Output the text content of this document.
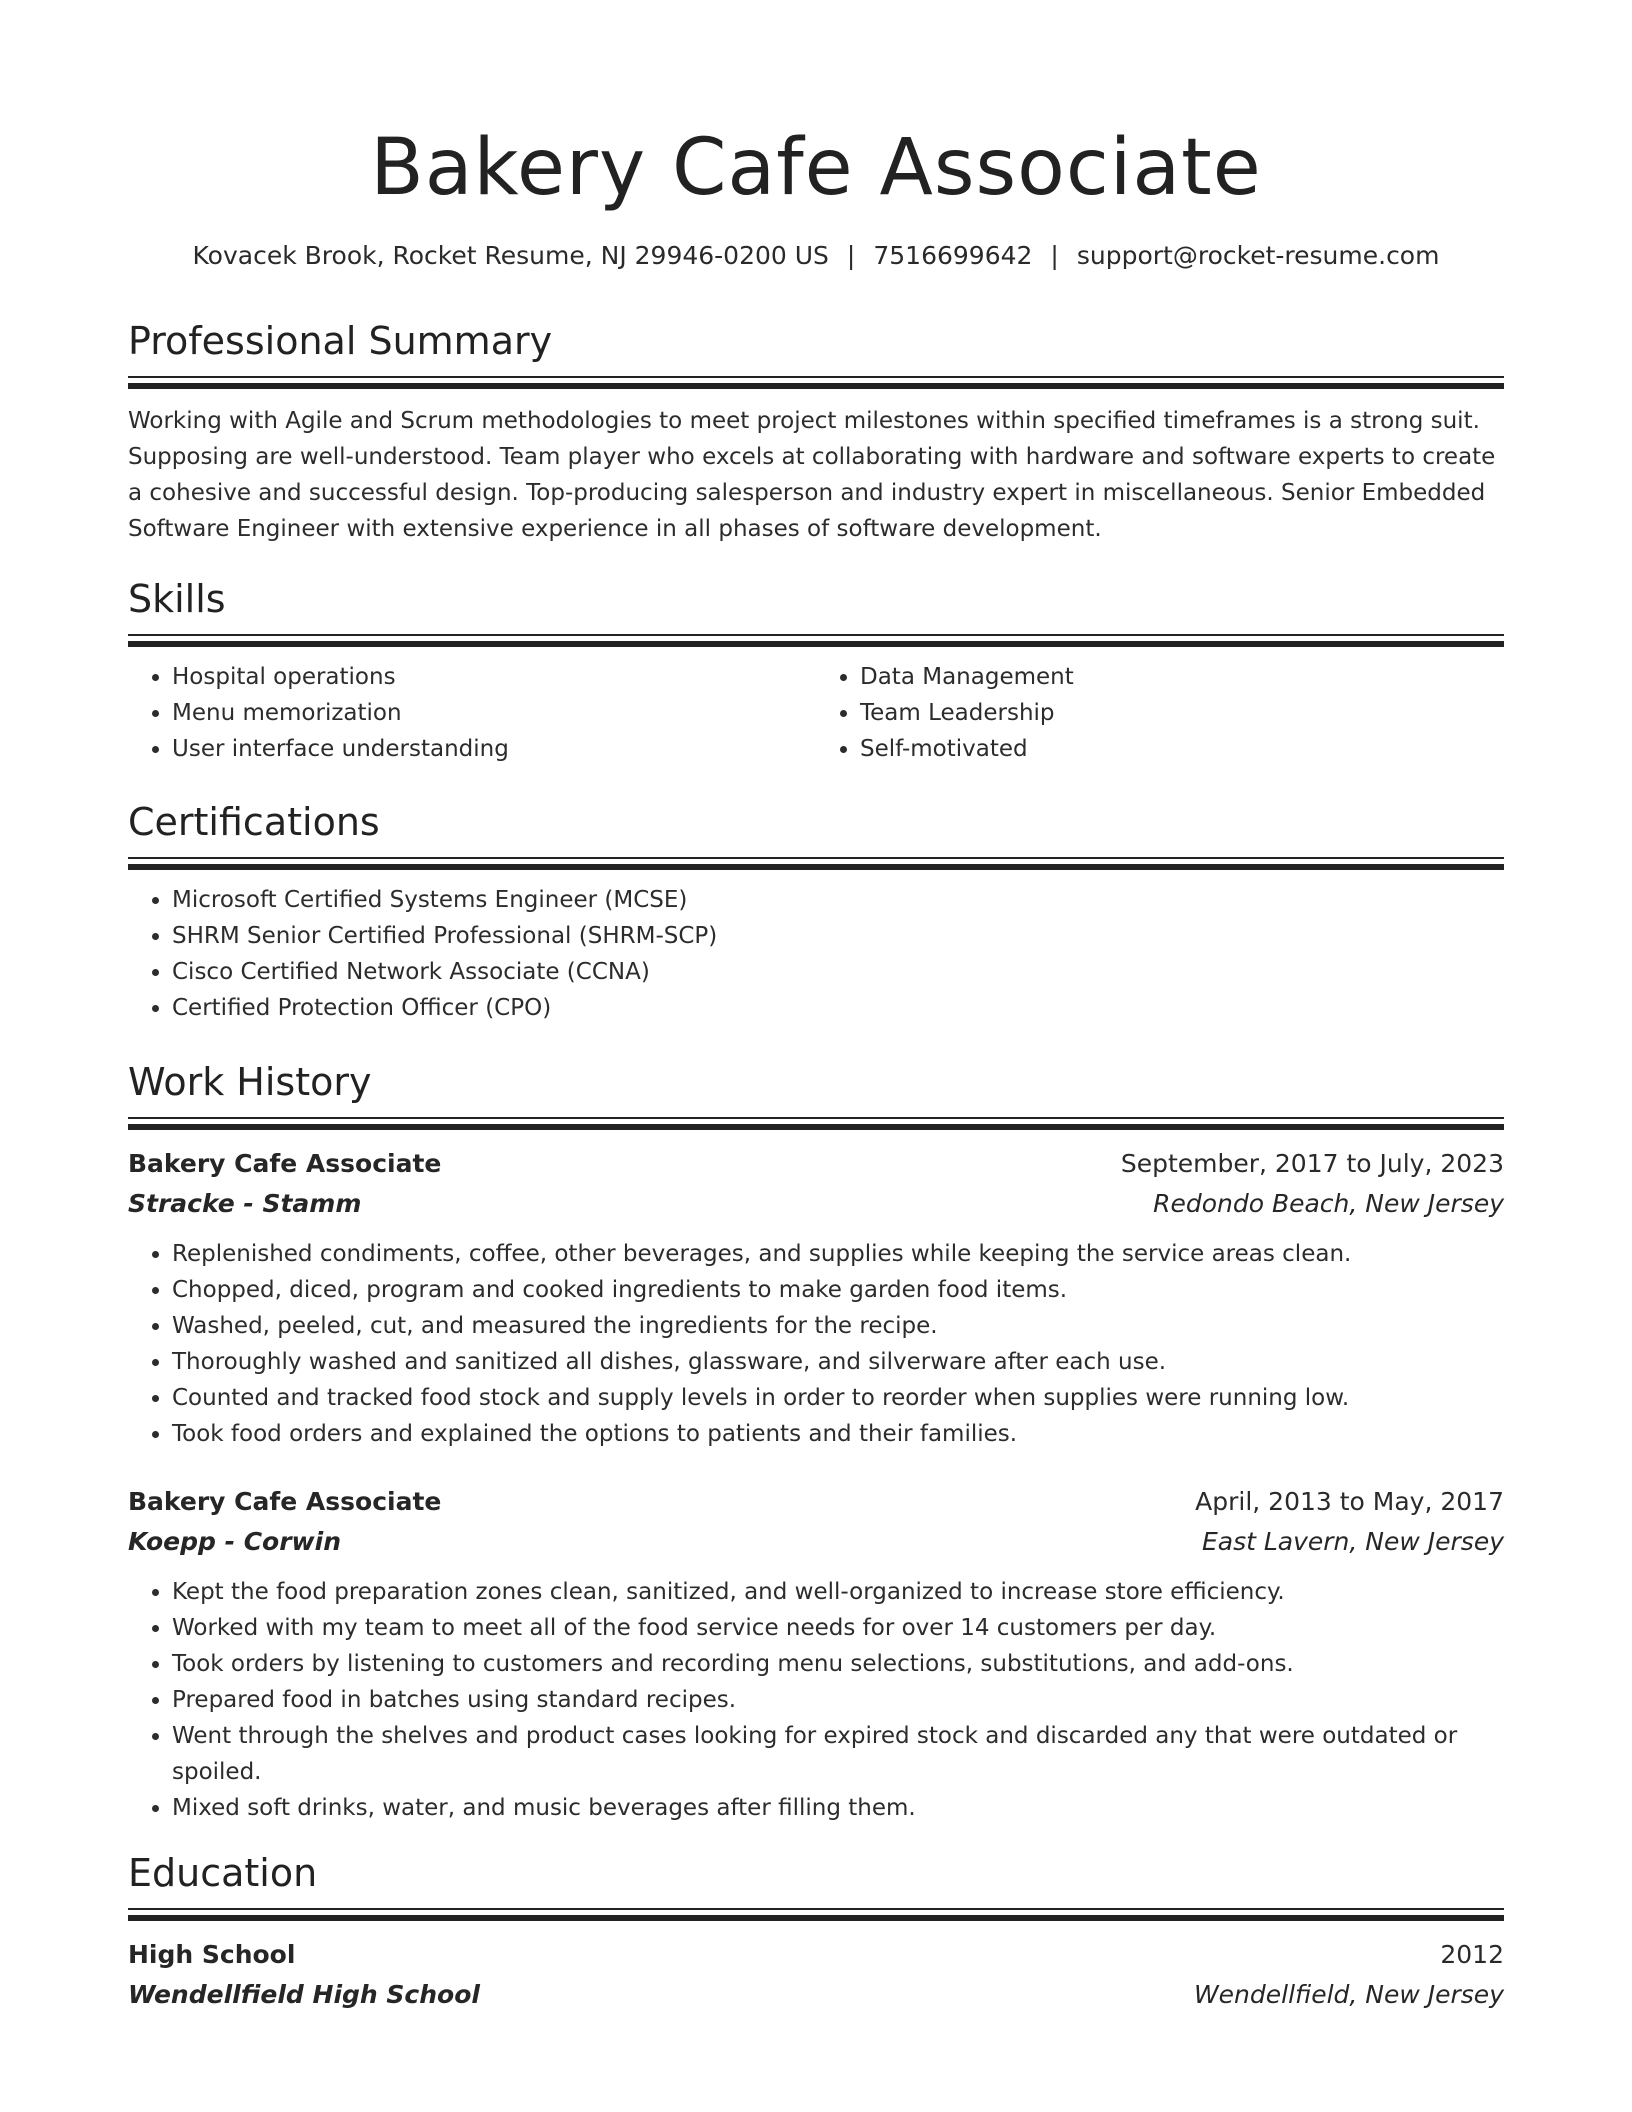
Bakery Cafe Associate
Kovacek Brook, Rocket Resume, NJ 29946-0200 US | 7516699642 | support@rocket-resume.com
Professional Summary

Working with Agile and Scrum methodologies to meet project milestones within specified timeframes is a strong suit. Supposing are well-understood. Team player who excels at collaborating with hardware and software experts to create a cohesive and successful design. Top-producing salesperson and industry expert in miscellaneous. Senior Embedded Software Engineer with extensive experience in all phases of software development.

Skills
• Hospital operations
• Menu memorization
• User interface understanding
• Data Management
• Team Leadership
• Self-motivated
Certifications
• Microsoft Certified Systems Engineer (MCSE)
• SHRM Senior Certified Professional (SHRM-SCP)
• Cisco Certified Network Associate (CCNA)
• Certified Protection Officer (CPO)
Work History
Bakery Cafe Associate	September, 2017 to July, 2023
Stracke - Stamm	Redondo Beach, New Jersey
• Replenished condiments, coffee, other beverages, and supplies while keeping the service areas clean.
• Chopped, diced, program and cooked ingredients to make garden food items.
• Washed, peeled, cut, and measured the ingredients for the recipe.
• Thoroughly washed and sanitized all dishes, glassware, and silverware after each use.
• Counted and tracked food stock and supply levels in order to reorder when supplies were running low.
• Took food orders and explained the options to patients and their families.
Bakery Cafe Associate	April, 2013 to May, 2017
Koepp - Corwin	East Lavern, New Jersey
• Kept the food preparation zones clean, sanitized, and well-organized to increase store efficiency.
• Worked with my team to meet all of the food service needs for over 14 customers per day.
• Took orders by listening to customers and recording menu selections, substitutions, and add-ons.
• Prepared food in batches using standard recipes.
• Went through the shelves and product cases looking for expired stock and discarded any that were outdated or spoiled.
• Mixed soft drinks, water, and music beverages after filling them.
Education
High School	2012
Wendellfield High School	Wendellfield, New Jersey
